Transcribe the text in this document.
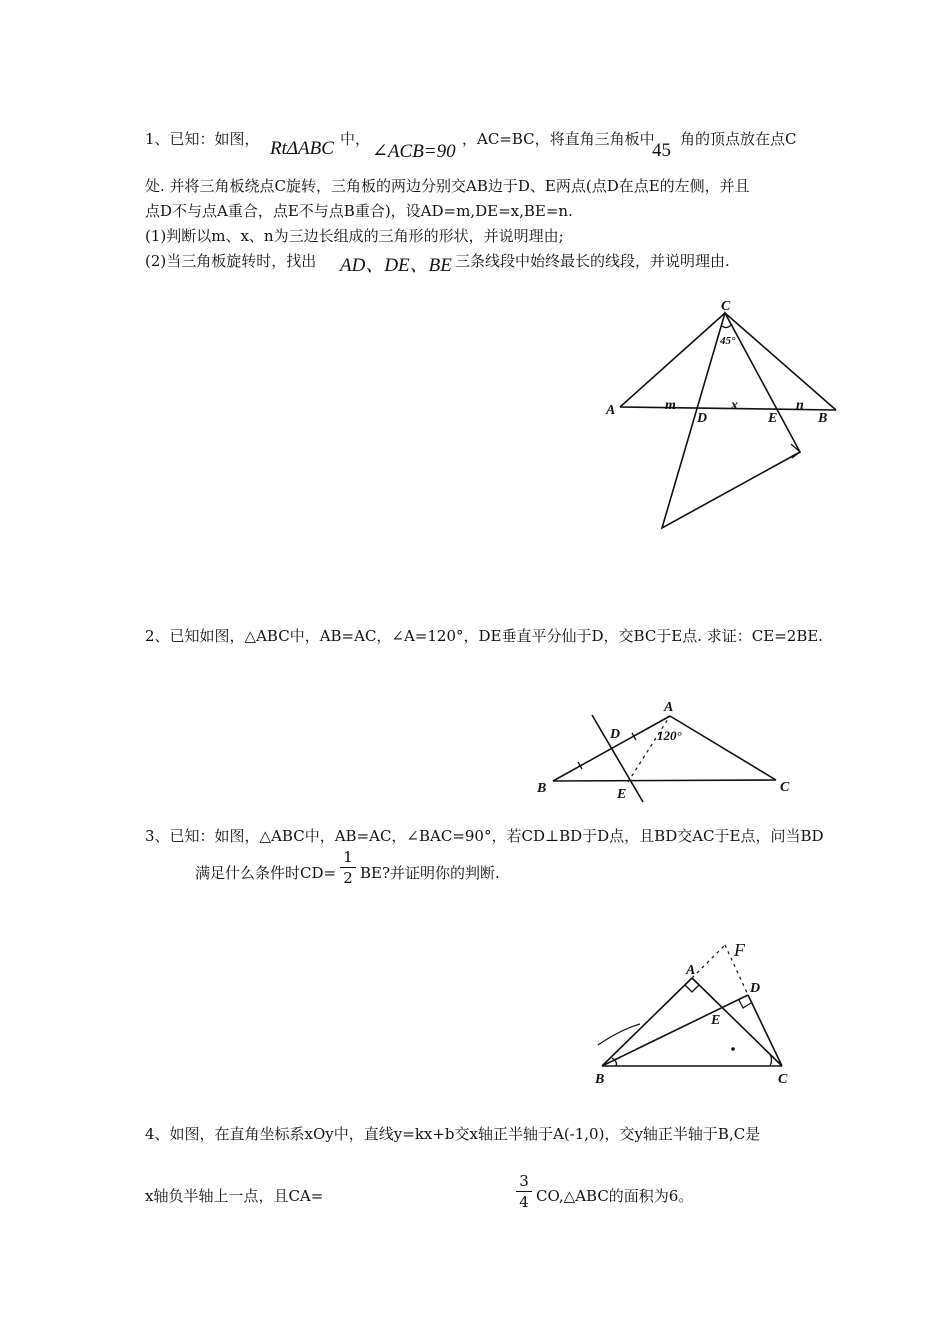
1、已知：如图， RtΔABC 中，
∠ACB=90
，AC=BC，将直角三角板中
45
角的顶点放在点C
处. 并将三角板绕点C旋转，三角板的两边分别交AB边于D、E两点(点D在点E的左侧，并且
点D不与点A重合，点E不与点B重合)，设AD=m,DE=x,BE=n.
(1)判断以m、x、n为三边长组成的三角形的形状，并说明理由;
(2)当三角板旋转时，找出 AD、DE、BE 三条线段中始终最长的线段，并说明理由.
2、已知如图，△ABC中，AB=AC，∠A=120°，DE垂直平分仙于D，交BC于E点. 求证：CE=2BE.
3、已知：如图，△ABC中，AB=AC，∠BAC=90°，若CD⊥BD于D点，且BD交AC于E点，问当BD
满足什么条件时CD=
1
2 BE?并证明你的判断.
4、如图，在直角坐标系xOy中，直线y=kx+b交x轴正半轴于A(-1,0)，交y轴正半轴于B,C是
x轴负半轴上一点，且CA=
3
4 CO,△ABC的面积为6。
C
45°
A	m
D
x
E
n
B
A
D	120°
B	E	C
A
F
D
E
B	C
